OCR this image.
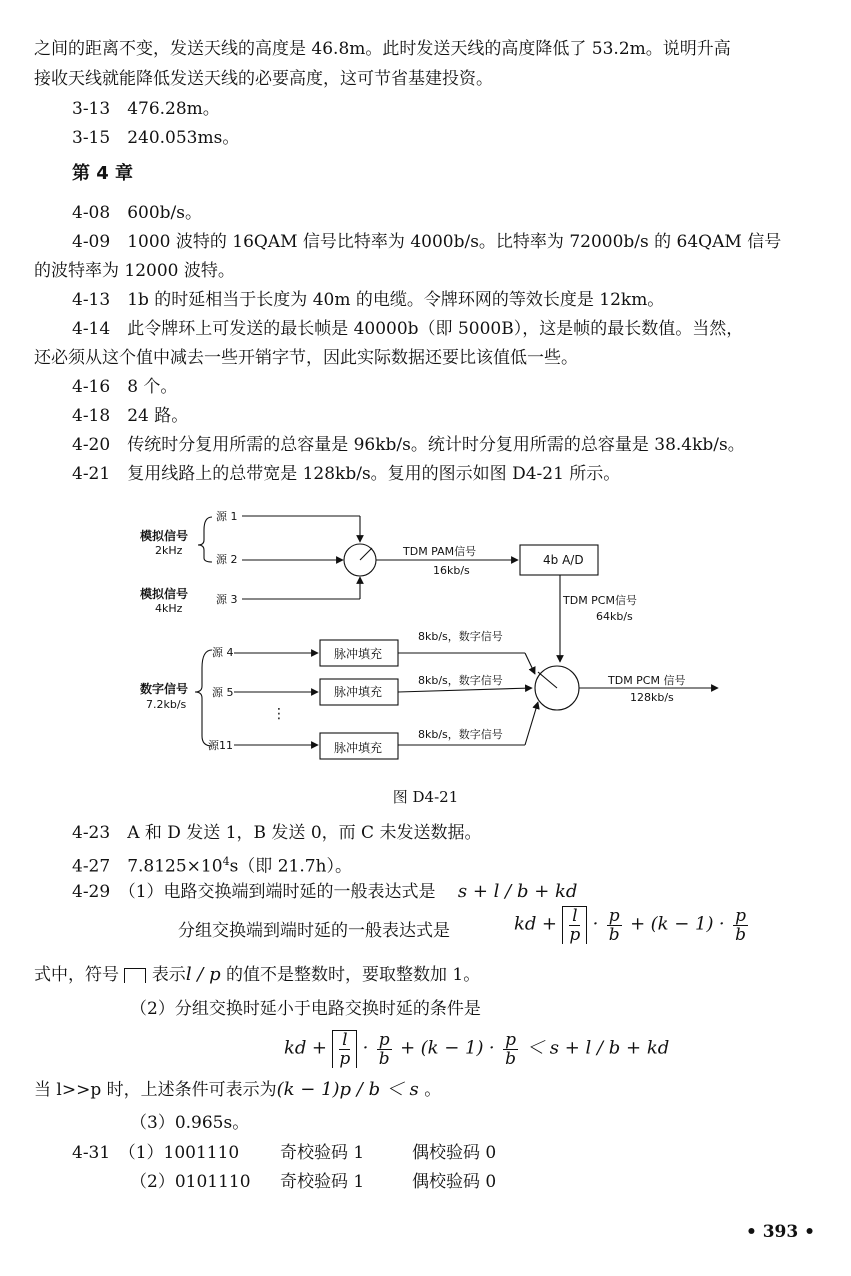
之间的距离不变，发送天线的高度是 46.8m。此时发送天线的高度降低了 53.2m。说明升高
接收天线就能降低发送天线的必要高度，这可节省基建投资。
3-13　476.28m。
3-15　240.053ms。
第 4 章
4-08　600b/s。
4-09　1000 波特的 16QAM 信号比特率为 4000b/s。比特率为 72000b/s 的 64QAM 信号
的波特率为 12000 波特。
4-13　1b 的时延相当于长度为 40m 的电缆。令牌环网的等效长度是 12km。
4-14　此令牌环上可发送的最长帧是 40000b（即 5000B），这是帧的最长数值。当然，
还必须从这个值中减去一些开销字节，因此实际数据还要比该值低一些。
4-16　8 个。
4-18　24 路。
4-20　传统时分复用所需的总容量是 96kb/s。统计时分复用所需的总容量是 38.4kb/s。
4-21　复用线路上的总带宽是 128kb/s。复用的图示如图 D4-21 所示。
模拟信号
2kHz
模拟信号
4kHz
源 1
源 2
源 3
TDM PAM信号
16kb/s
4b A/D
TDM PCM信号
64kb/s
数字信号
7.2kb/s
源 4
源 5
源11
⋮
脉冲填充
脉冲填充
脉冲填充
8kb/s，数字信号
8kb/s，数字信号
8kb/s，数字信号
TDM PCM 信号
128kb/s
图 D4-21
4-23　A 和 D 发送 1，B 发送 0，而 C 未发送数据。
4-27　$7.8125\times 10^4s$（即 21.7h）。
4-29　（1）电路交换端到端时延的一般表达式是　 s + l / b + kd
分组交换端到端时延的一般表达式是	kd + $\frac{l}{p} \cdot \frac{p}{b} + (k - 1) \cdot \frac{p}{b}$
式中，符号 表示l / p 的值不是整数时，要取整数加 1。
（2）分组交换时延小于电路交换时延的条件是
kd + $\frac{l}{p} \cdot \frac{p}{b} + (k - 1) \cdot \frac{p}{b} < s + l / b$ + kd
当 l>>p 时，上述条件可表示为(k − 1)p / b ＜ s 。
（3）0.965s。
4-31　（1）1001110 奇校验码 1	偶校验码 0
（2）0101110 奇校验码 1	偶校验码 0
• 393 •
